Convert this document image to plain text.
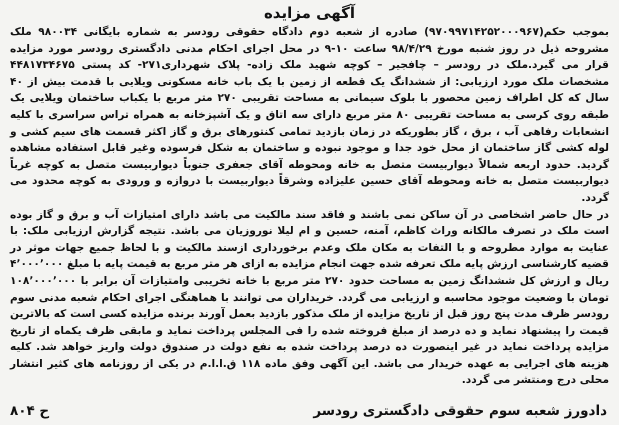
آگهی مزایده

بموجب حکم(۹۷۰۹۹۷۱۴۲۵۲۰۰۰۹۶۷) صادره از شعبه دوم دادگاه حقوقی رودسر به شماره بایگانی ۹۸۰۰۳۴ ملک مشروحه ذیل در روز شنبه مورخ ۹۸/۴/۲۹ ساعت ۱۰-۹ در محل اجرای احکام مدنی دادگستری رودسر مورد مزایده قرار می گیرد.ملک در رودسر – چافجیر – کوچه شهید ملک زاده- پلاک شهرداری۲۷۱- کد پستی ۴۴۸۱۷۳۴۶۷۵ مشخصات ملک مورد ارزیابی: از ششدانگ یک قطعه از زمین با یک باب خانه مسکونی ویلایی با قدمت بیش از ۴۰ سال که کل اطراف زمین محصور با بلوک سیمانی به مساحت تقریبی ۲۷۰ متر مربع با یکباب ساختمان ویلایی یک طبقه روی کرسی به مساحت تقریبی ۸۰ متر مربع دارای سه اتاق و یک آشپزخانه به همراه تراس سراسری با کلیه انشعابات رفاهی آب ، برق ، گاز بطوریکه در زمان بازدید تمامی کنتورهای برق و گاز اکثر قسمت های سیم کشی و لوله کشی گاز ساختمان از محل خود جدا و موجود نبوده و ساختمان به شکل فرسوده وغیر قابل استفاده مشاهده گردید. حدود اربعه شمالاً دیواربیست متصل به خانه ومحوطه آقای جعفری جنوباً دیواربیست متصل به کوچه غرباً دیواربیست متصل به خانه ومحوطه آقای حسین علیزاده وشرقاً دیواربیست با دروازه و ورودی به کوچه محدود می گردد.

در حال حاضر اشخاصی در آن ساکن نمی باشند و فاقد سند مالکیت می باشد دارای امتیازات آب و برق و گاز بوده است ملک در تصرف مالکانه وراث کاظم، آمنه، حسین و ام لیلا نوروزیان می باشد. نتیجه گزارش ارزیابی ملک: با عنایت به موارد مطروحه و با التفات به مکان ملک وعدم برخورداری ازسند مالکیت و با لحاظ جمیع جهات موثر در قضیه کارشناسی ارزش پایه ملک تعرفه شده جهت انجام مزایده به ازای هر متر مربع به قیمت پایه با مبلغ ۴٬۰۰۰٬۰۰۰ ریال و ارزش کل ششدانگ زمین به مساحت حدود ۲۷۰ متر مربع با خانه تخریبی وامتیازات آن برابر با ۱۰۸٬۰۰۰٬۰۰۰ تومان با وضعیت موجود محاسبه و ارزیابی می گردد. خریداران می توانند با هماهنگی اجرای احکام شعبه مدنی سوم رودسر ظرف مدت پنج روز قبل از تاریخ مزایده از ملک مذکور بازدید بعمل آورند برنده مزایده کسی است که بالاترین قیمت را پیشنهاد نماید و ده درصد از مبلغ فروخته شده را فی المجلس پرداخت نماید و مابقی ظرف یکماه از تاریخ مزایده پرداخت نماید در غیر اینصورت ده درصد پرداخت شده به نفع دولت در صندوق دولت واریز خواهد شد. کلیه هزینه های اجرایی به عهده خریدار می باشد. این آگهی وفق ماده ۱۱۸ ق.ا.ا.م در یکی از روزنامه های کثیر انتشار محلی درج ومنتشر می گردد.

دادورز شعبه سوم حقوقی دادگستری رودسر
ح ۸۰۴
